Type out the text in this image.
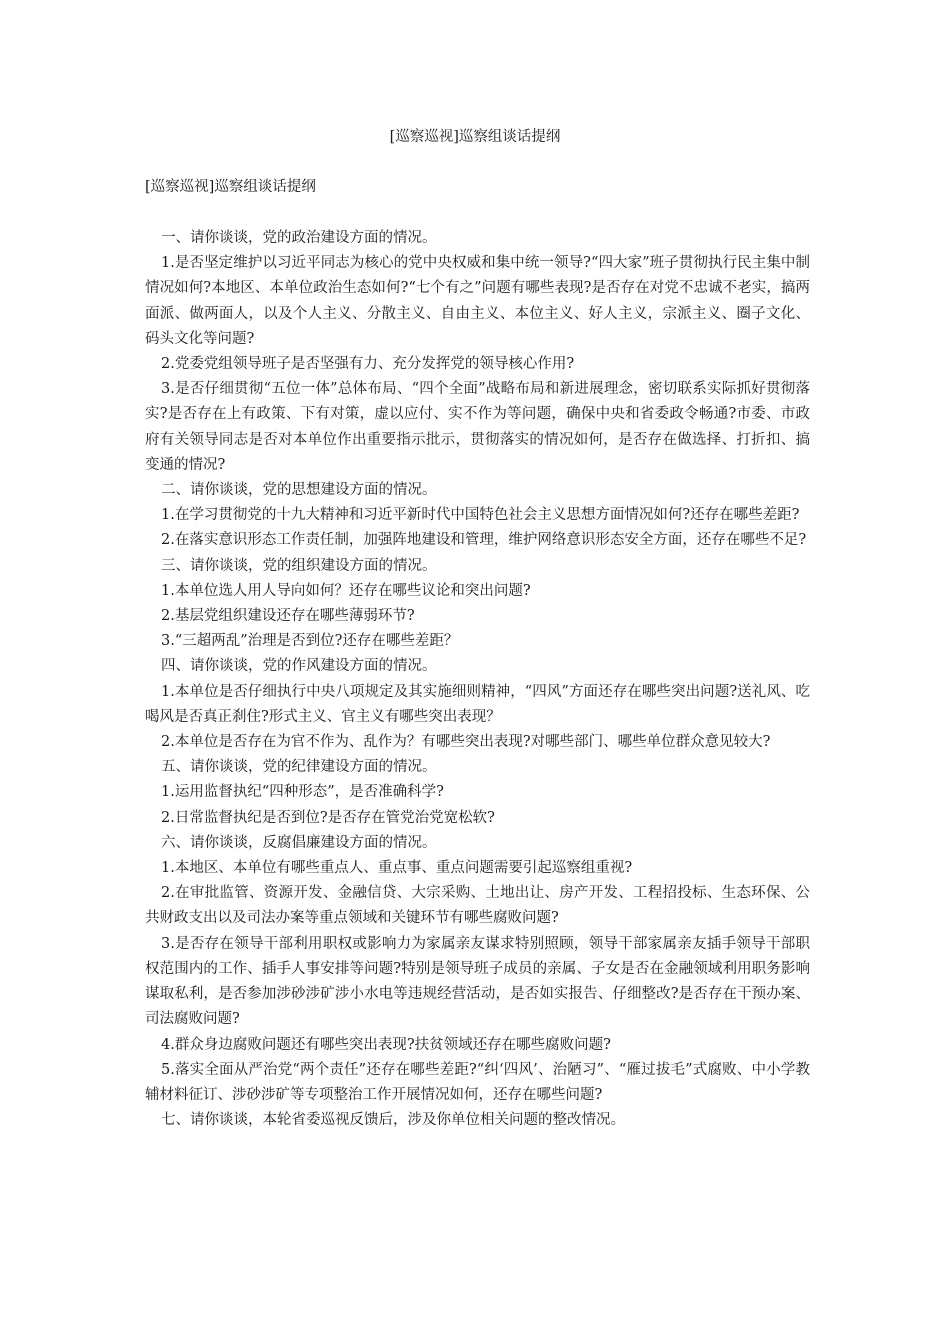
[巡察巡视]巡察组谈话提纲

[巡察巡视]巡察组谈话提纲

一、请你谈谈，党的政治建设方面的情况。

1.是否坚定维护以习近平同志为核心的党中央权威和集中统一领导?“四大家”班子贯彻执行民主集中制情况如何?本地区、本单位政治生态如何?“七个有之”问题有哪些表现?是否存在对党不忠诚不老实，搞两面派、做两面人，以及个人主义、分散主义、自由主义、本位主义、好人主义，宗派主义、圈子文化、码头文化等问题?

2.党委党组领导班子是否坚强有力、充分发挥党的领导核心作用?

3.是否仔细贯彻“五位一体”总体布局、“四个全面”战略布局和新进展理念，密切联系实际抓好贯彻落实?是否存在上有政策、下有对策，虚以应付、实不作为等问题，确保中央和省委政令畅通?市委、市政府有关领导同志是否对本单位作出重要指示批示，贯彻落实的情况如何，是否存在做选择、打折扣、搞变通的情况?

二、请你谈谈，党的思想建设方面的情况。

1.在学习贯彻党的十九大精神和习近平新时代中国特色社会主义思想方面情况如何?还存在哪些差距?

2.在落实意识形态工作责任制，加强阵地建设和管理，维护网络意识形态安全方面，还存在哪些不足?

三、请你谈谈，党的组织建设方面的情况。

1.本单位选人用人导向如何？还存在哪些议论和突出问题?

2.基层党组织建设还存在哪些薄弱环节?

3.“三超两乱”治理是否到位?还存在哪些差距？

四、请你谈谈，党的作风建设方面的情况。

1.本单位是否仔细执行中央八项规定及其实施细则精神，“四风”方面还存在哪些突出问题?送礼风、吃喝风是否真正刹住?形式主义、官主义有哪些突出表现？

2.本单位是否存在为官不作为、乱作为？有哪些突出表现?对哪些部门、哪些单位群众意见较大?

五、请你谈谈，党的纪律建设方面的情况。

1.运用监督执纪“四种形态”，是否准确科学?

2.日常监督执纪是否到位?是否存在管党治党宽松软?

六、请你谈谈，反腐倡廉建设方面的情况。

1.本地区、本单位有哪些重点人、重点事、重点问题需要引起巡察组重视?

2.在审批监管、资源开发、金融信贷、大宗采购、土地出让、房产开发、工程招投标、生态环保、公共财政支出以及司法办案等重点领域和关键环节有哪些腐败问题?

3.是否存在领导干部利用职权或影响力为家属亲友谋求特别照顾，领导干部家属亲友插手领导干部职权范围内的工作、插手人事安排等问题?特别是领导班子成员的亲属、子女是否在金融领域利用职务影响谋取私利，是否参加涉砂涉矿涉小水电等违规经营活动，是否如实报告、仔细整改?是否存在干预办案、司法腐败问题?

4.群众身边腐败问题还有哪些突出表现?扶贫领域还存在哪些腐败问题?

5.落实全面从严治党“两个责任”还存在哪些差距?“纠‘四风’、治陋习”、“雁过拔毛”式腐败、中小学教辅材料征订、涉砂涉矿等专项整治工作开展情况如何，还存在哪些问题?

七、请你谈谈，本轮省委巡视反馈后，涉及你单位相关问题的整改情况。
